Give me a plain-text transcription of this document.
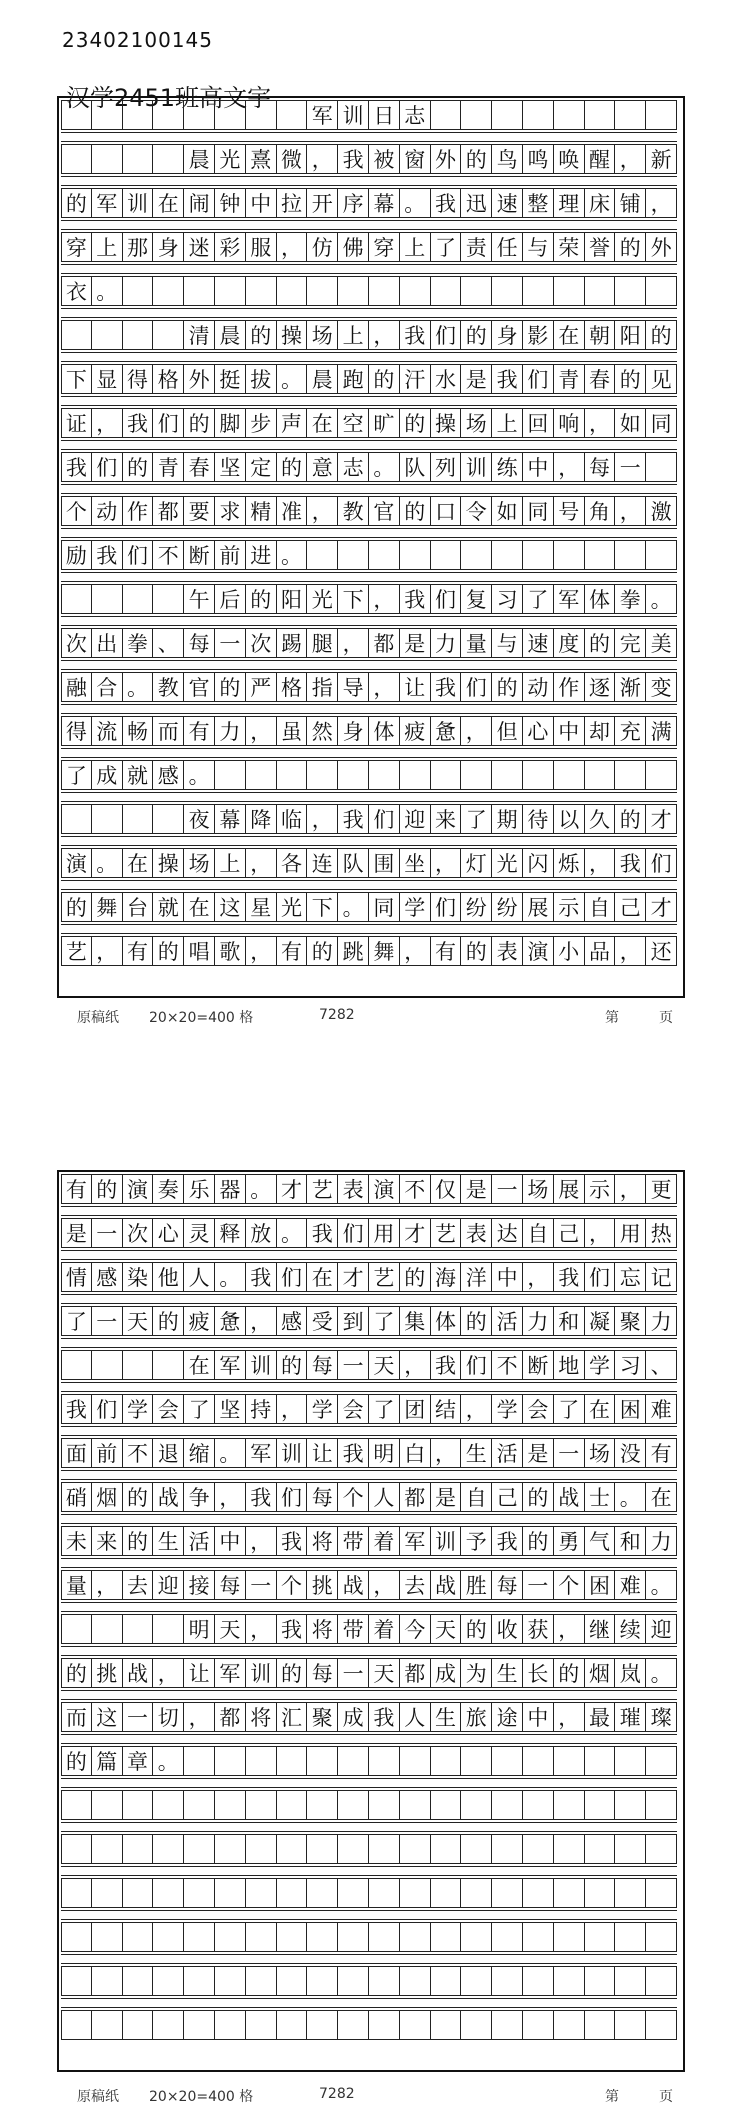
23402100145
汉学2451班高文宇
军 训 日 志
晨 光 熹 微 ， 我 被 窗 外 的 鸟 鸣 唤 醒 ， 新
的 军 训 在 闹 钟 中 拉 开 序 幕 。 我 迅 速 整 理 床 铺 ，
穿 上 那 身 迷 彩 服 ， 仿 佛 穿 上 了 责 任 与 荣 誉 的 外
衣 。
清 晨 的 操 场 上 ， 我 们 的 身 影 在 朝 阳 的
下 显 得 格 外 挺 拔 。 晨 跑 的 汗 水 是 我 们 青 春 的 见
证 ， 我 们 的 脚 步 声 在 空 旷 的 操 场 上 回 响 ， 如 同
我 们 的 青 春 坚 定 的 意 志 。 队 列 训 练 中 ， 每 一
个 动 作 都 要 求 精 准 ， 教 官 的 口 令 如 同 号 角 ， 激
励 我 们 不 断 前 进 。
午 后 的 阳 光 下 ， 我 们 复 习 了 军 体 拳 。
次 出 拳 、 每 一 次 踢 腿 ， 都 是 力 量 与 速 度 的 完 美
融 合 。 教 官 的 严 格 指 导 ， 让 我 们 的 动 作 逐 渐 变
得 流 畅 而 有 力 ， 虽 然 身 体 疲 惫 ， 但 心 中 却 充 满
了 成 就 感 。
夜 幕 降 临 ， 我 们 迎 来 了 期 待 以 久 的 才
演 。 在 操 场 上 ， 各 连 队 围 坐 ， 灯 光 闪 烁 ， 我 们
的 舞 台 就 在 这 星 光 下 。 同 学 们 纷 纷 展 示 自 己 才
艺 ， 有 的 唱 歌 ， 有 的 跳 舞 ， 有 的 表 演 小 品 ， 还
原稿纸 20×20=400 格	7282	第	页
有 的 演 奏 乐 器 。 才 艺 表 演 不 仅 是 一 场 展 示 ， 更
是 一 次 心 灵 释 放 。 我 们 用 才 艺 表 达 自 己 ， 用 热
情 感 染 他 人 。 我 们 在 才 艺 的 海 洋 中 ， 我 们 忘 记
了 一 天 的 疲 惫 ， 感 受 到 了 集 体 的 活 力 和 凝 聚 力
在 军 训 的 每 一 天 ， 我 们 不 断 地 学 习 、
我 们 学 会 了 坚 持 ， 学 会 了 团 结 ， 学 会 了 在 困 难
面 前 不 退 缩 。 军 训 让 我 明 白 ， 生 活 是 一 场 没 有
硝 烟 的 战 争 ， 我 们 每 个 人 都 是 自 己 的 战 士 。 在
未 来 的 生 活 中 ， 我 将 带 着 军 训 予 我 的 勇 气 和 力
量 ， 去 迎 接 每 一 个 挑 战 ， 去 战 胜 每 一 个 困 难 。
明 天 ， 我 将 带 着 今 天 的 收 获 ， 继 续 迎
的 挑 战 ， 让 军 训 的 每 一 天 都 成 为 生 长 的 烟 岚 。
而 这 一 切 ， 都 将 汇 聚 成 我 人 生 旅 途 中 ， 最 璀 璨
的 篇 章 。
原稿纸 20×20=400 格	7282	第	页
